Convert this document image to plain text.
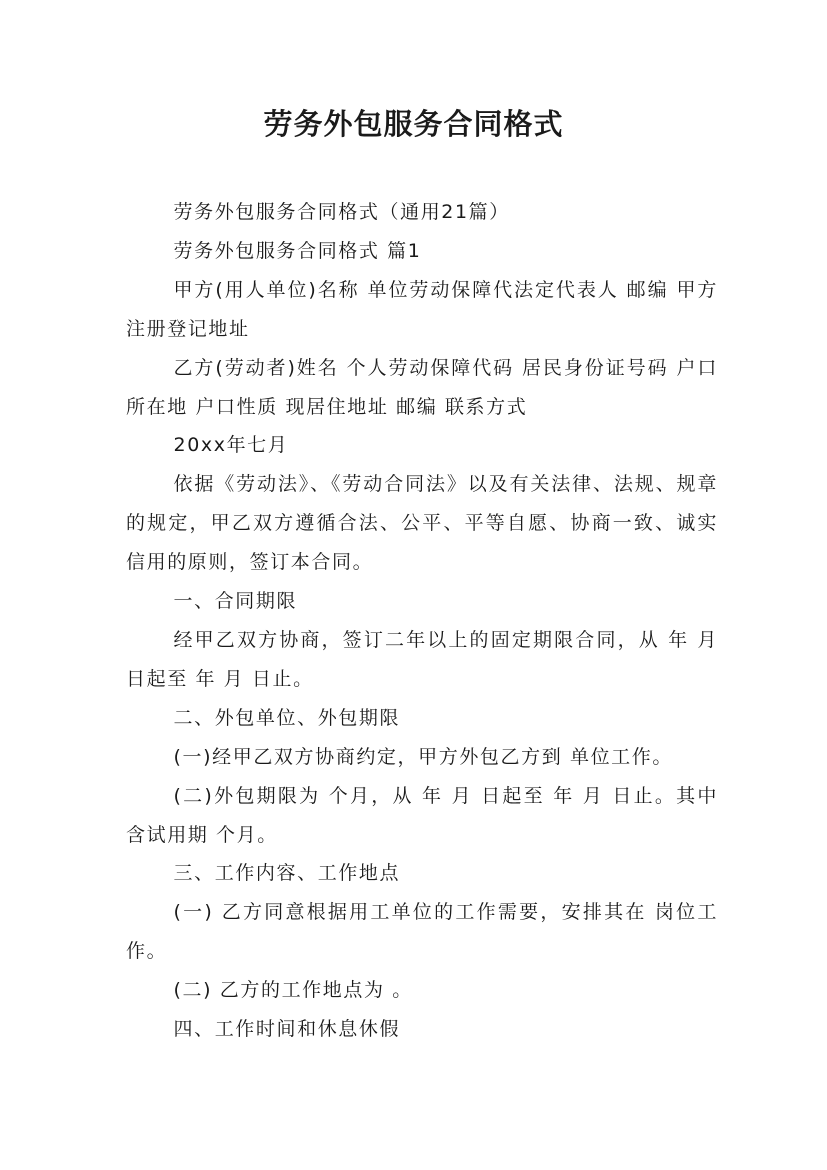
劳务外包服务合同格式

劳务外包服务合同格式（通用21篇）

劳务外包服务合同格式 篇1

甲方(用人单位)名称 单位劳动保障代法定代表人 邮编 甲方注册登记地址

乙方(劳动者)姓名 个人劳动保障代码 居民身份证号码 户口所在地 户口性质 现居住地址 邮编 联系方式

20xx年七月

依据《劳动法》、《劳动合同法》以及有关法律、法规、规章的规定，甲乙双方遵循合法、公平、平等自愿、协商一致、诚实信用的原则，签订本合同。

一、合同期限

经甲乙双方协商，签订二年以上的固定期限合同，从 年 月 日起至 年 月 日止。

二、外包单位、外包期限

(一)经甲乙双方协商约定，甲方外包乙方到 单位工作。

(二)外包期限为 个月，从 年 月 日起至 年 月 日止。其中含试用期 个月。

三、工作内容、工作地点

(一) 乙方同意根据用工单位的工作需要，安排其在 岗位工作。

(二) 乙方的工作地点为 。

四、工作时间和休息休假
